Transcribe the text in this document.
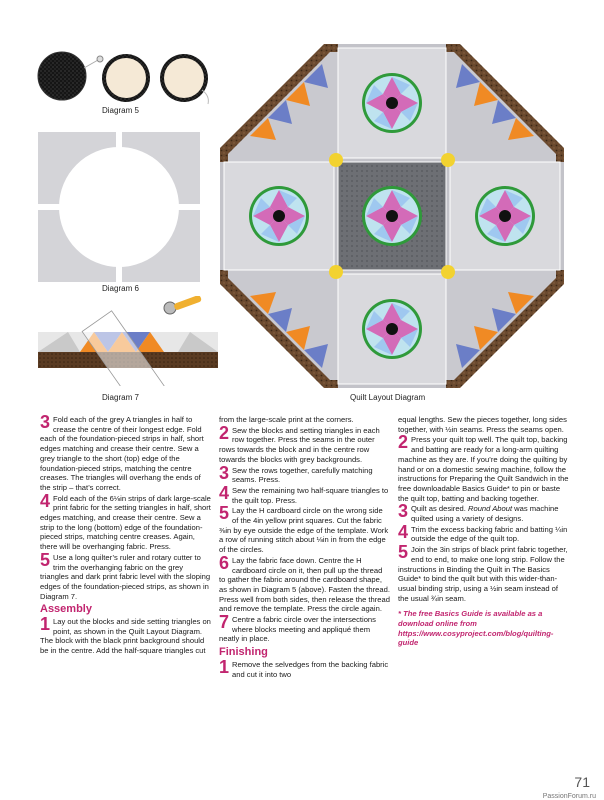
Diagram 5
Diagram 6
Diagram 7	Quilt Layout Diagram

3 Fold each of the grey A triangles in half to crease the centre of their longest edge. Fold each of the foundation-pieced strips in half, short edges matching and crease their centre. Sew a grey triangle to the short (top) edge of the foundation-pieced strips, matching the centre creases. The triangles will overhang the ends of the strip – that’s correct.

4 Fold each of the 6⅛in strips of dark large-scale print fabric for the setting triangles in half, short edges matching, and crease their centre. Sew a strip to the long (bottom) edge of the foundation-pieced strips, matching centre creases. Again, there will be overhanging fabric. Press.

5 Use a long quilter’s ruler and rotary cutter to trim the overhanging fabric on the grey triangles and dark print fabric level with the sloping edges of the foundation-pieced strips, as shown in Diagram 7.

Assembly

1 Lay out the blocks and side setting triangles on point, as shown in the Quilt Layout Diagram. The block with the black print background should be in the centre. Add the half-square triangles cut

from the large-scale print at the corners.

2 Sew the blocks and setting triangles in each row together. Press the seams in the outer rows towards the block and in the centre row towards the blocks with grey backgrounds.

3 Sew the rows together, carefully matching seams. Press.

4 Sew the remaining two half-square triangles to the quilt top. Press.

5 Lay the H cardboard circle on the wrong side of the 4in yellow print squares. Cut the fabric ⅜in by eye outside the edge of the template. Work a row of running stitch about ⅛in in from the edge of the circles.

6 Lay the fabric face down. Centre the H cardboard circle on it, then pull up the thread to gather the fabric around the cardboard shape, as shown in Diagram 5 (above). Fasten the thread. Press well from both sides, then release the thread and remove the template. Press the circle again.

7 Centre a fabric circle over the intersections where blocks meeting and appliqué them neatly in place.

Finishing

1 Remove the selvedges from the backing fabric and cut it into two

equal lengths. Sew the pieces together, long sides together, with ½in seams. Press the seams open.

2 Press your quilt top well. The quilt top, backing and batting are ready for a long-arm quilting machine as they are. If you’re doing the quilting by hand or on a domestic sewing machine, follow the instructions for Preparing the Quilt Sandwich in the free downloadable Basics Guide* to pin or baste the quilt top, batting and backing together.

3 Quilt as desired. Round About was machine quilted using a variety of designs.

4 Trim the excess backing fabric and batting ¼in outside the edge of the quilt top.

5 Join the 3in strips of black print fabric together, end to end, to make one long strip. Follow the instructions in Binding the Quilt in The Basics Guide* to bind the quilt but with this wider-than-usual binding strip, using a ½in seam instead of the usual ¾in seam.

* The free Basics Guide is available as a download online from https://www.cosyproject.com/blog/quilting-guide
71
PassionForum.ru
